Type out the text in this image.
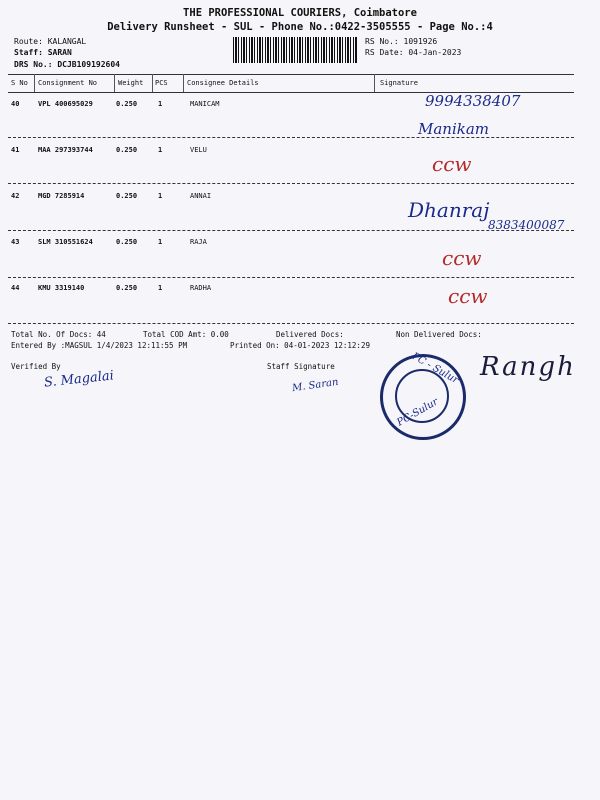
THE PROFESSIONAL COURIERS, Coimbatore
Delivery Runsheet - SUL - Phone No.:0422-3505555 - Page No.:4
Route: KALANGAL
Staff: SARAN
DRS No.: DCJB109192604
RS No.: 1091926
RS Date: 04-Jan-2023
S No Consignment No	Weight PCS	Consignee Details	Signature
40	VPL 400695029	0.250	1	MANICAM	9994338407
Manikam
41	MAA 297393744	0.250	1	VELU
ccw
42	MGD 7285914	0.250	1	ANNAI
Dhanraj
8383400087
43	SLM 310551624	0.250	1	RAJA
ccw
44	KMU 3319140	0.250	1	RADHA	ccw
Total No. Of Docs: 44	Total COD Amt: 0.00	Delivered Docs:	Non Delivered Docs:
Entered By :MAGSUL 1/4/2023 12:11:55 PM	Printed On: 04-01-2023 12:12:29
Verified By
S. Magalai
Staff Signature
M. Saran	PC - Sulur
PC-Sulur
Rangh
